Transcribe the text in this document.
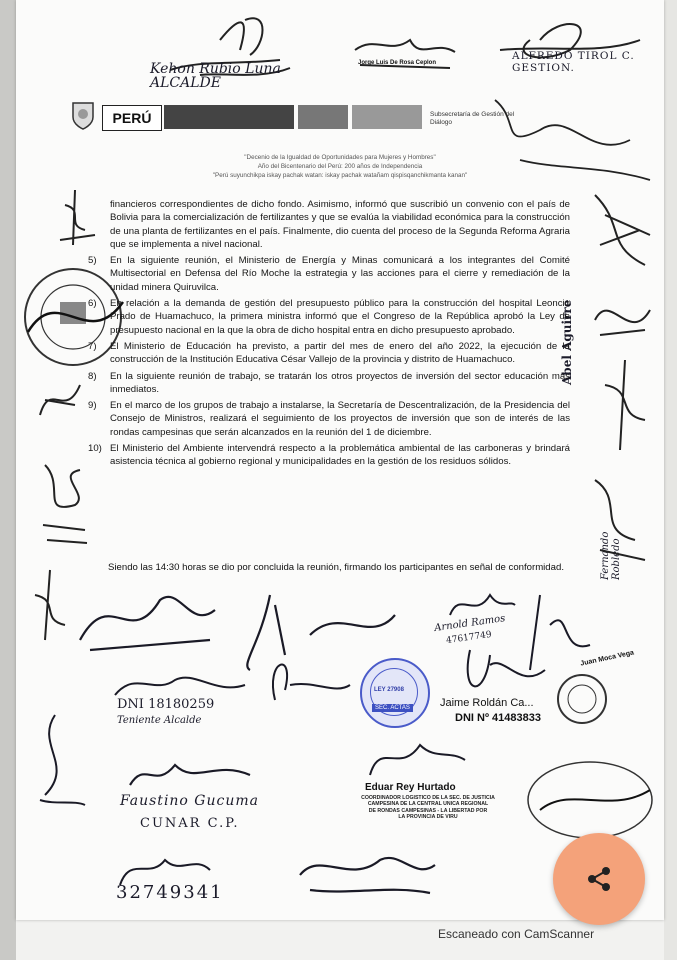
Kehon Rubio Luna ALCALDE
Jorge Luis De Rosa Ceplon
ALFREDO TIROL C. GESTION.
PERÚ	Subsecretaría de Gestión del Diálogo
"Decenio de la Igualdad de Oportunidades para Mujeres y Hombres"
Año del Bicentenario del Perú: 200 años de Independencia
"Perú suyunchikpa iskay pachak watan: iskay pachak watañam qispisqanchikmanta kanan"
Abel Aguirre
Fernando Robledo

financieros correspondientes de dicho fondo. Asimismo, informó que suscribió un convenio con el país de Bolivia para la comercialización de fertilizantes y que se evalúa la viabilidad económica para la construcción de una planta de fertilizantes en el país. Finalmente, dio cuenta del proceso de la Segunda Reforma Agraria que se implementa a nivel nacional.

5) En la siguiente reunión, el Ministerio de Energía y Minas comunicará a los integrantes del Comité Multisectorial en Defensa del Río Moche la estrategia y las acciones para el cierre y remediación de la unidad minera Quiruvilca.
6) En relación a la demanda de gestión del presupuesto público para la construcción del hospital Leoncio Prado de Huamachuco, la primera ministra informó que el Congreso de la República aprobó la Ley de presupuesto nacional en la que la obra de dicho hospital entra en dicho presupuesto aprobado.
7) El Ministerio de Educación ha previsto, a partir del mes de enero del año 2022, la ejecución de la construcción de la Institución Educativa César Vallejo de la provincia y distrito de Huamachuco.
8) En la siguiente reunión de trabajo, se tratarán los otros proyectos de inversión del sector educación más inmediatos.
9) En el marco de los grupos de trabajo a instalarse, la Secretaría de Descentralización, de la Presidencia del Consejo de Ministros, realizará el seguimiento de los proyectos de inversión que son de interés de las rondas campesinas que serán alcanzados en la reunión del 1 de diciembre.
10) El Ministerio del Ambiente intervendrá respecto a la problemática ambiental de las carboneras y brindará asistencia técnica al gobierno regional y municipalidades en la gestión de los residuos sólidos.
Siendo las 14:30 horas se dio por concluida la reunión, firmando los participantes en señal de conformidad.
Arnold Ramos
47617749
Juan Moca Vega
DNI 18180259
Teniente Alcalde
LEY 27908
SEC. ACTAS	Jaime Roldán Ca...
DNI Nº 41483833
Faustino Gucuma
CUNAR C.P.
Eduar Rey Hurtado
COORDINADOR LOGISTICO DE LA SEC. DE JUSTICIA
CAMPESINA DE LA CENTRAL UNICA REGIONAL
DE RONDAS CAMPESINAS - LA LIBERTAD POR
LA PROVINCIA DE VIRU
32749341
Escaneado con CamScanner
